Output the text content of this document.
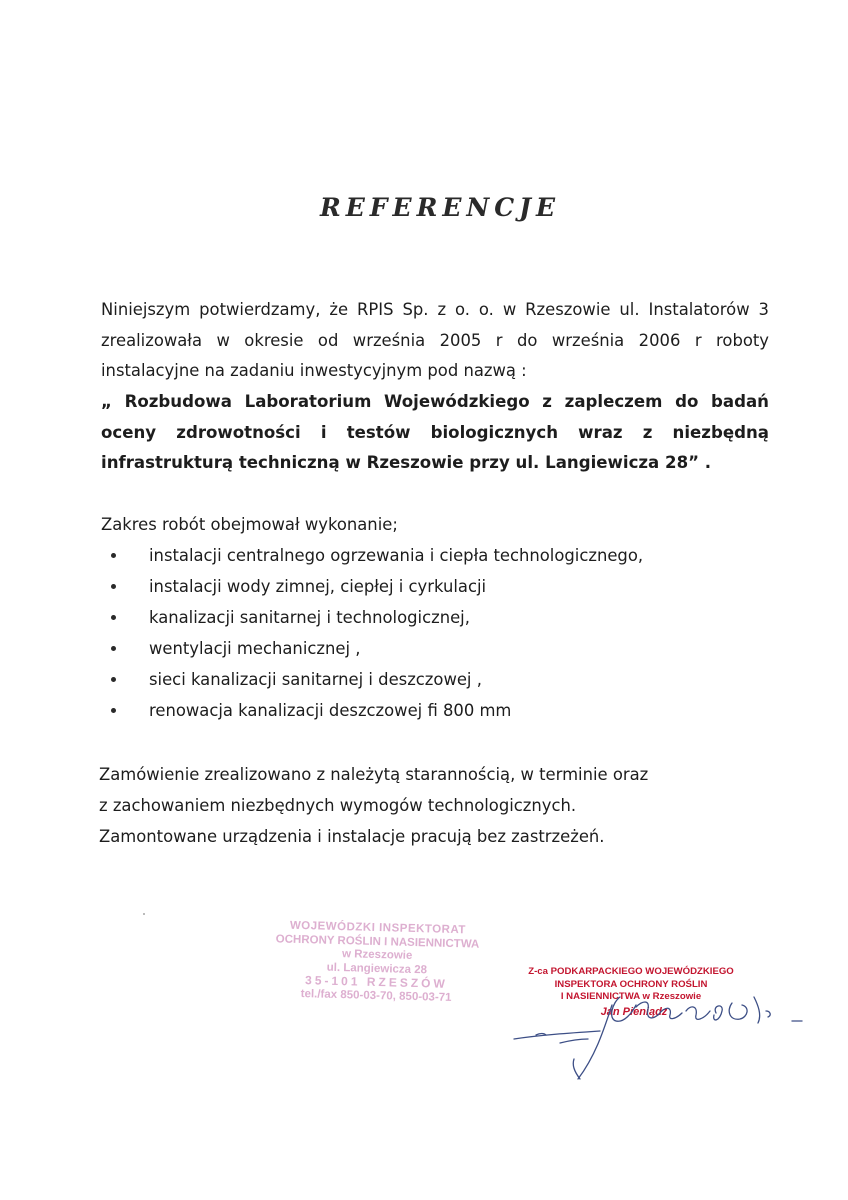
REFERENCJE
Niniejszym potwierdzamy, że RPIS Sp. z o. o. w Rzeszowie ul. Instalatorów 3 zrealizowała w okresie od września 2005 r do września 2006 r roboty instalacyjne na zadaniu inwestycyjnym pod nazwą :
„ Rozbudowa Laboratorium Wojewódzkiego z zapleczem do badań oceny zdrowotności i testów biologicznych wraz z niezbędną infrastrukturą techniczną w Rzeszowie przy ul. Langiewicza 28” .
Zakres robót obejmował wykonanie;
instalacji centralnego ogrzewania i ciepła technologicznego,
instalacji wody zimnej, ciepłej i cyrkulacji
kanalizacji sanitarnej i technologicznej,
wentylacji mechanicznej ,
sieci kanalizacji sanitarnej i deszczowej ,
renowacja kanalizacji deszczowej fi 800 mm
Zamówienie zrealizowano z należytą starannością, w terminie oraz
z zachowaniem niezbędnych wymogów technologicznych.
Zamontowane urządzenia i instalacje pracują bez zastrzeżeń.
WOJEWÓDZKI INSPEKTORAT
OCHRONY ROŚLIN I NASIENNICTWA
w Rzeszowie
ul. Langiewicza 28
35-101 RZESZÓW
tel./fax 850-03-70, 850-03-71
Z-ca PODKARPACKIEGO WOJEWÓDZKIEGO
INSPEKTORA OCHRONY ROŚLIN
I NASIENNICTWA w Rzeszowie
Jan Pieniądz
